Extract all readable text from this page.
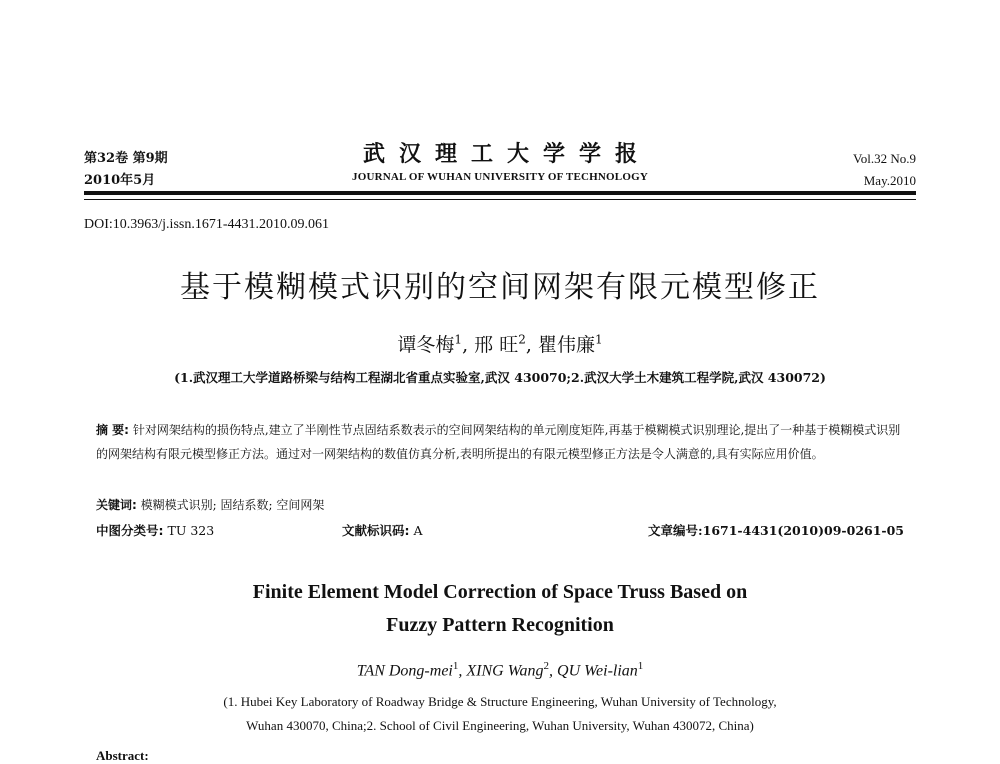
第32卷 第9期
2010年5月
武汉理工大学学报
JOURNAL OF WUHAN UNIVERSITY OF TECHNOLOGY
Vol.32 No.9
May.2010
DOI:10.3963/j.issn.1671-4431.2010.09.061
基于模糊模式识别的空间网架有限元模型修正
谭冬梅$^1$, 邢 旺$^2$, 瞿伟廉$^1$
(1.武汉理工大学道路桥梁与结构工程湖北省重点实验室,武汉 430070;2.武汉大学土木建筑工程学院,武汉 430072)
摘 要: 针对网架结构的损伤特点,建立了半刚性节点固结系数表示的空间网架结构的单元刚度矩阵,再基于模糊模式识别理论,提出了一种基于模糊模式识别的网架结构有限元模型修正方法。通过对一网架结构的数值仿真分析,表明所提出的有限元模型修正方法是令人满意的,具有实际应用价值。
关键词: 模糊模式识别; 固结系数; 空间网架
中图分类号: TU 323	文献标识码: A	文章编号:1671-4431(2010)09-0261-05
Finite Element Model Correction of Space Truss Based on
Fuzzy Pattern Recognition
TAN Dong-mei$^1$, XING Wang$^2$, QU Wei-lian$^1$
(1. Hubei Key Laboratory of Roadway Bridge & Structure Engineering, Wuhan University of Technology,
Wuhan 430070, China;2. School of Civil Engineering, Wuhan University, Wuhan 430072, China)
Abstract:
